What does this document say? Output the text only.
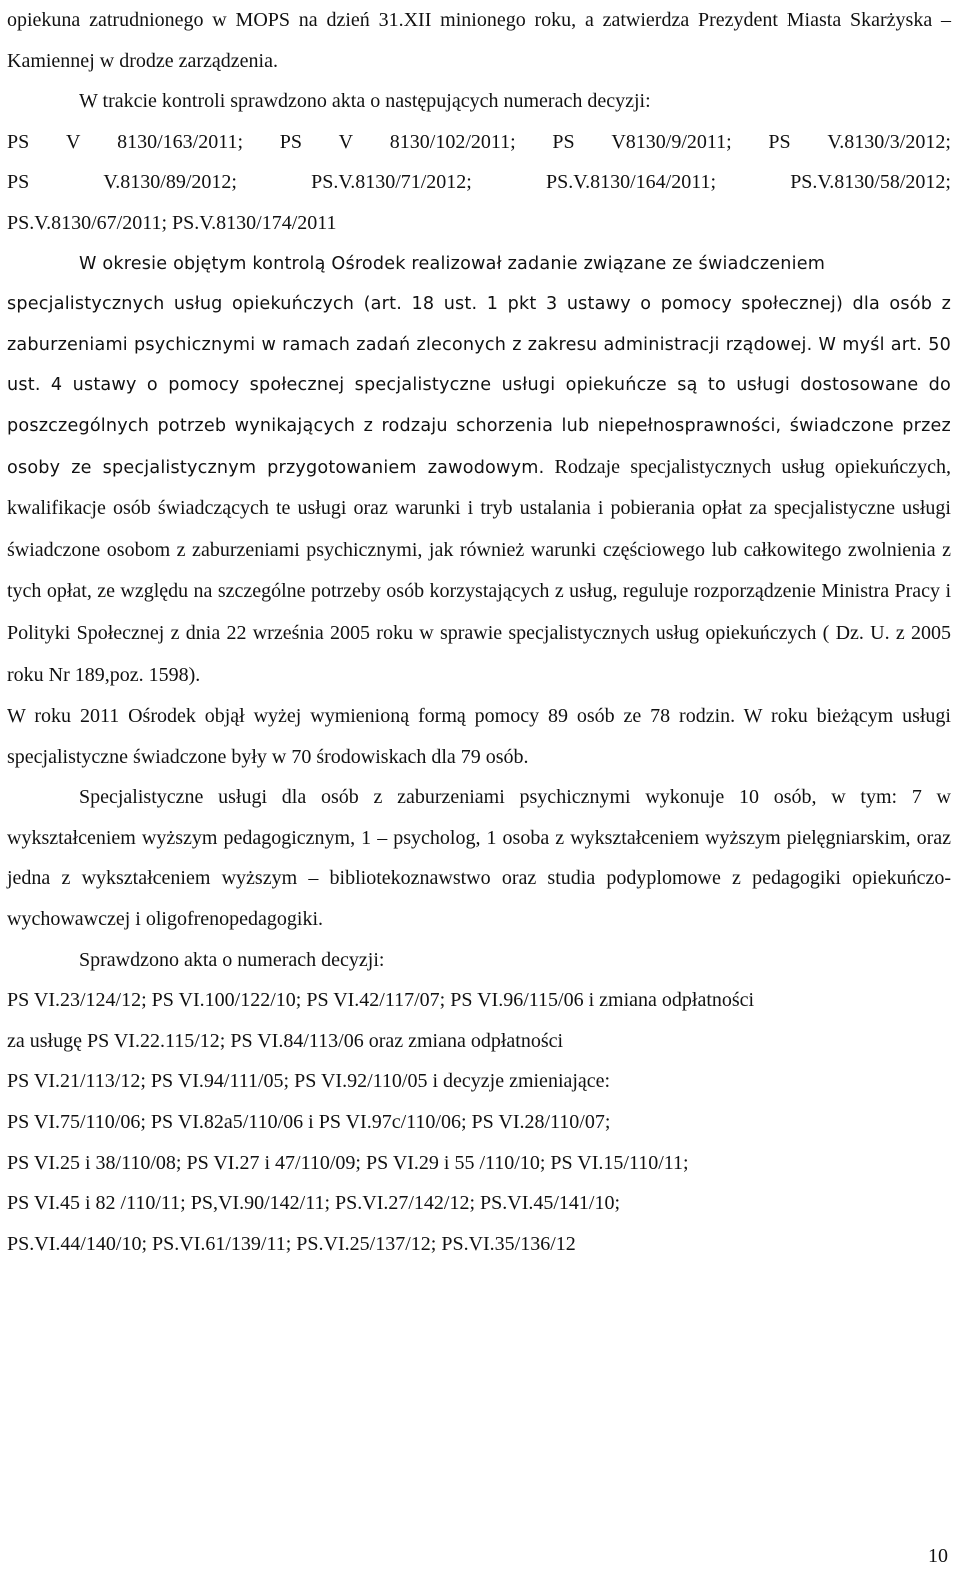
opiekuna zatrudnionego w MOPS na dzień 31.XII minionego roku, a zatwierdza Prezydent Miasta Skarżyska – Kamiennej w drodze zarządzenia.

W trakcie kontroli sprawdzono akta o następujących numerach decyzji:

PS V 8130/163/2011; PS V 8130/102/2011; PS V8130/9/2011; PS V.8130/3/2012;
PS	V.8130/89/2012;	PS.V.8130/71/2012;	PS.V.8130/164/2011;	PS.V.8130/58/2012;

PS.V.8130/67/2011; PS.V.8130/174/2011

W okresie objętym kontrolą Ośrodek realizował zadanie związane ze świadczeniem

specjalistycznych usług opiekuńczych (art. 18 ust. 1 pkt 3 ustawy o pomocy społecznej) dla osób z zaburzeniami psychicznymi w ramach zadań zleconych z zakresu administracji rządowej. W myśl art. 50 ust. 4 ustawy o pomocy społecznej specjalistyczne usługi opiekuńcze są to usługi dostosowane do poszczególnych potrzeb wynikających z rodzaju schorzenia lub niepełnosprawności, świadczone przez osoby ze specjalistycznym przygotowaniem zawodowym. Rodzaje specjalistycznych usług opiekuńczych, kwalifikacje osób świadczących te usługi oraz warunki i tryb ustalania i pobierania opłat za specjalistyczne usługi świadczone osobom z zaburzeniami psychicznymi, jak również warunki częściowego lub całkowitego zwolnienia z tych opłat, ze względu na szczególne potrzeby osób korzystających z usług, reguluje rozporządzenie Ministra Pracy i Polityki Społecznej z dnia 22 września 2005 roku w sprawie specjalistycznych usług opiekuńczych ( Dz. U. z 2005 roku Nr 189,poz. 1598).

W roku 2011 Ośrodek objął wyżej wymienioną formą pomocy 89 osób ze 78 rodzin. W roku bieżącym usługi specjalistyczne świadczone były w 70 środowiskach dla 79 osób.

Specjalistyczne usługi dla osób z zaburzeniami psychicznymi wykonuje 10 osób, w tym: 7 w wykształceniem wyższym pedagogicznym, 1 – psycholog, 1 osoba z wykształceniem wyższym pielęgniarskim, oraz jedna z wykształceniem wyższym – bibliotekoznawstwo oraz studia podyplomowe z pedagogiki opiekuńczo-wychowawczej i oligofrenopedagogiki.

Sprawdzono akta o numerach decyzji:

PS VI.23/124/12; PS VI.100/122/10; PS VI.42/117/07; PS VI.96/115/06 i zmiana odpłatności

za usługę PS VI.22.115/12; PS VI.84/113/06 oraz zmiana odpłatności

PS VI.21/113/12; PS VI.94/111/05; PS VI.92/110/05 i decyzje zmieniające:

PS VI.75/110/06; PS VI.82a5/110/06 i PS VI.97c/110/06; PS VI.28/110/07;

PS VI.25 i 38/110/08; PS VI.27 i 47/110/09; PS VI.29 i 55 /110/10; PS VI.15/110/11;

PS VI.45 i 82 /110/11; PS,VI.90/142/11; PS.VI.27/142/12; PS.VI.45/141/10;

PS.VI.44/140/10; PS.VI.61/139/11; PS.VI.25/137/12; PS.VI.35/136/12

10
